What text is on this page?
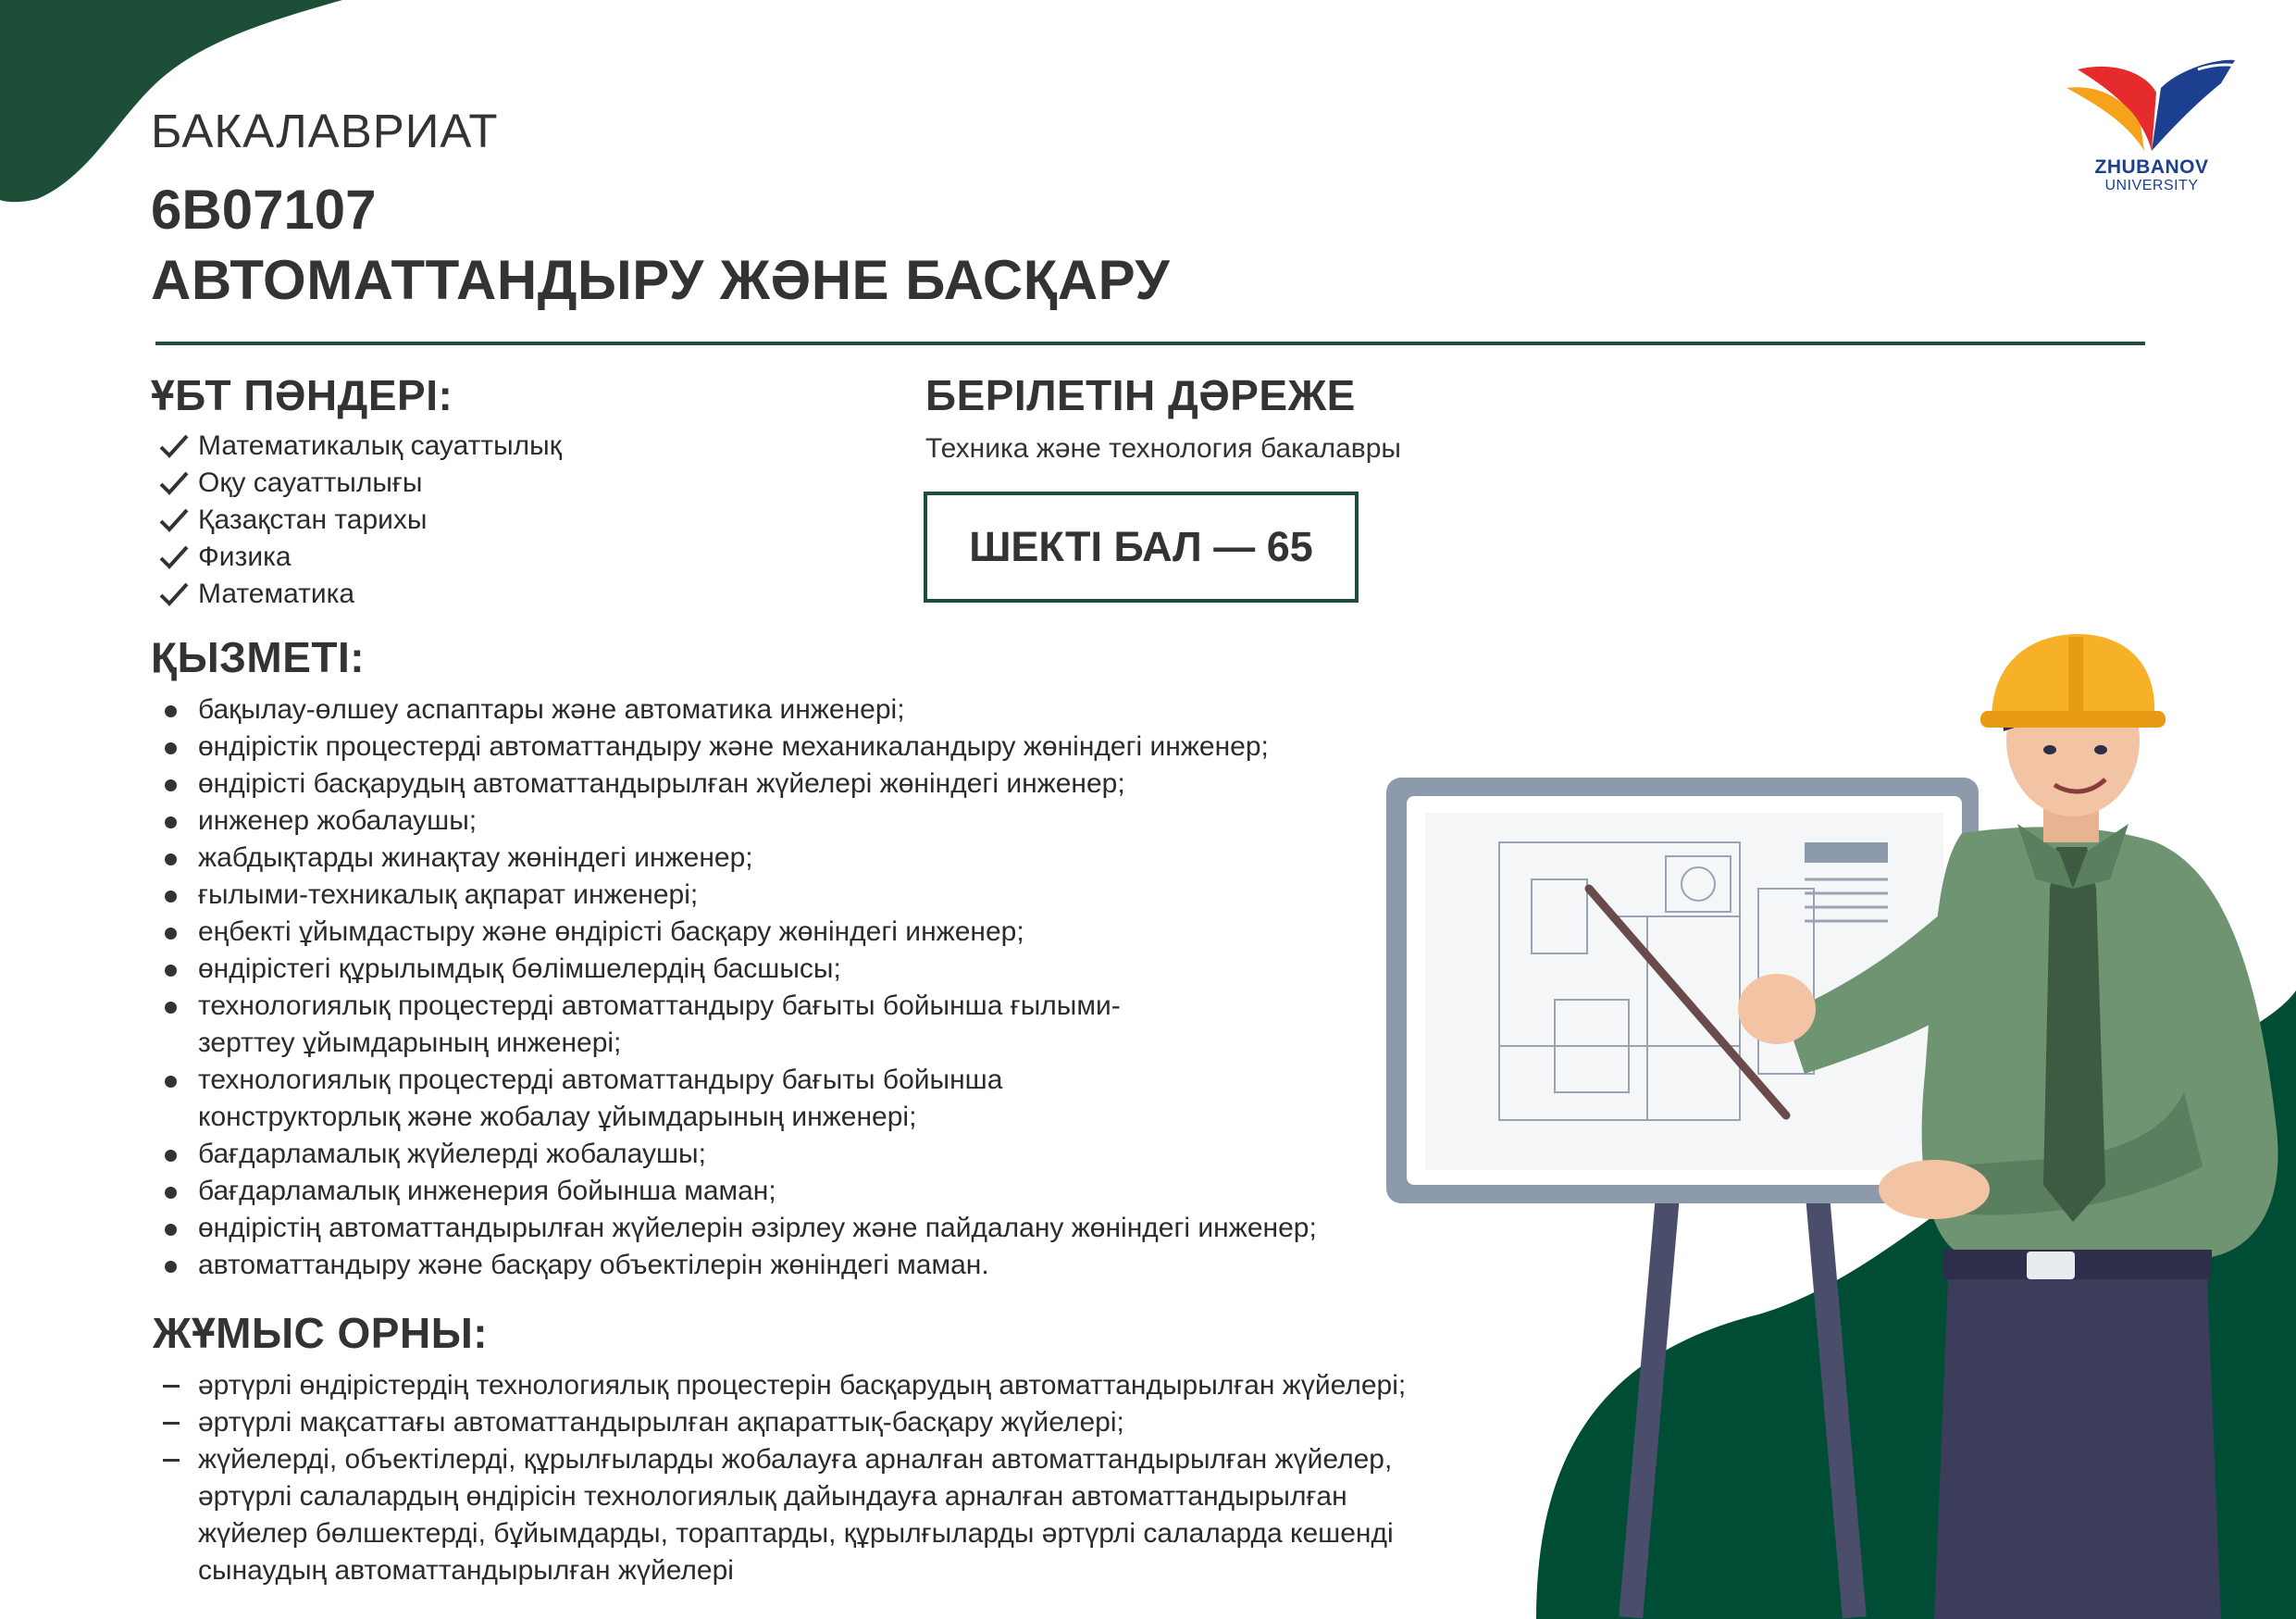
ZHUBANOV
UNIVERSITY
БАКАЛАВРИАТ
6B07107
АВТОМАТТАНДЫРУ ЖӘНЕ БАСҚАРУ
ҰБТ ПӘНДЕРІ:
Математикалық сауаттылық
Оқу сауаттылығы
Қазақстан тарихы
Физика
Математика
БЕРІЛЕТІН ДӘРЕЖЕ
Техника және технология бакалавры
ШЕКТІ БАЛ — 65
ҚЫЗМЕТІ:
бақылау-өлшеу аспаптары және автоматика инженері;
өндірістік процестерді автоматтандыру және механикаландыру жөніндегі инженер;
өндірісті басқарудың автоматтандырылған жүйелері жөніндегі инженер;
инженер жобалаушы;
жабдықтарды жинақтау жөніндегі инженер;
ғылыми-техникалық ақпарат инженері;
еңбекті ұйымдастыру және өндірісті басқару жөніндегі инженер;
өндірістегі құрылымдық бөлімшелердің басшысы;
технологиялық процестерді автоматтандыру бағыты бойынша ғылыми-зерттеу ұйымдарының инженері;
технологиялық процестерді автоматтандыру бағыты бойынша конструкторлық және жобалау ұйымдарының инженері;
бағдарламалық жүйелерді жобалаушы;
бағдарламалық инженерия бойынша маман;
өндірістің автоматтандырылған жүйелерін әзірлеу және пайдалану жөніндегі инженер;
автоматтандыру және басқару объектілерін жөніндегі маман.
ЖҰМЫС ОРНЫ:
әртүрлі өндірістердің технологиялық процестерін басқарудың автоматтандырылған жүйелері;
әртүрлі мақсаттағы автоматтандырылған ақпараттық-басқару жүйелері;
жүйелерді, объектілерді, құрылғыларды жобалауға арналған автоматтандырылған жүйелер, әртүрлі салалардың өндірісін технологиялық дайындауға арналған автоматтандырылған жүйелер бөлшектерді, бұйымдарды, тораптарды, құрылғыларды әртүрлі салаларда кешенді сынаудың автоматтандырылған жүйелері
